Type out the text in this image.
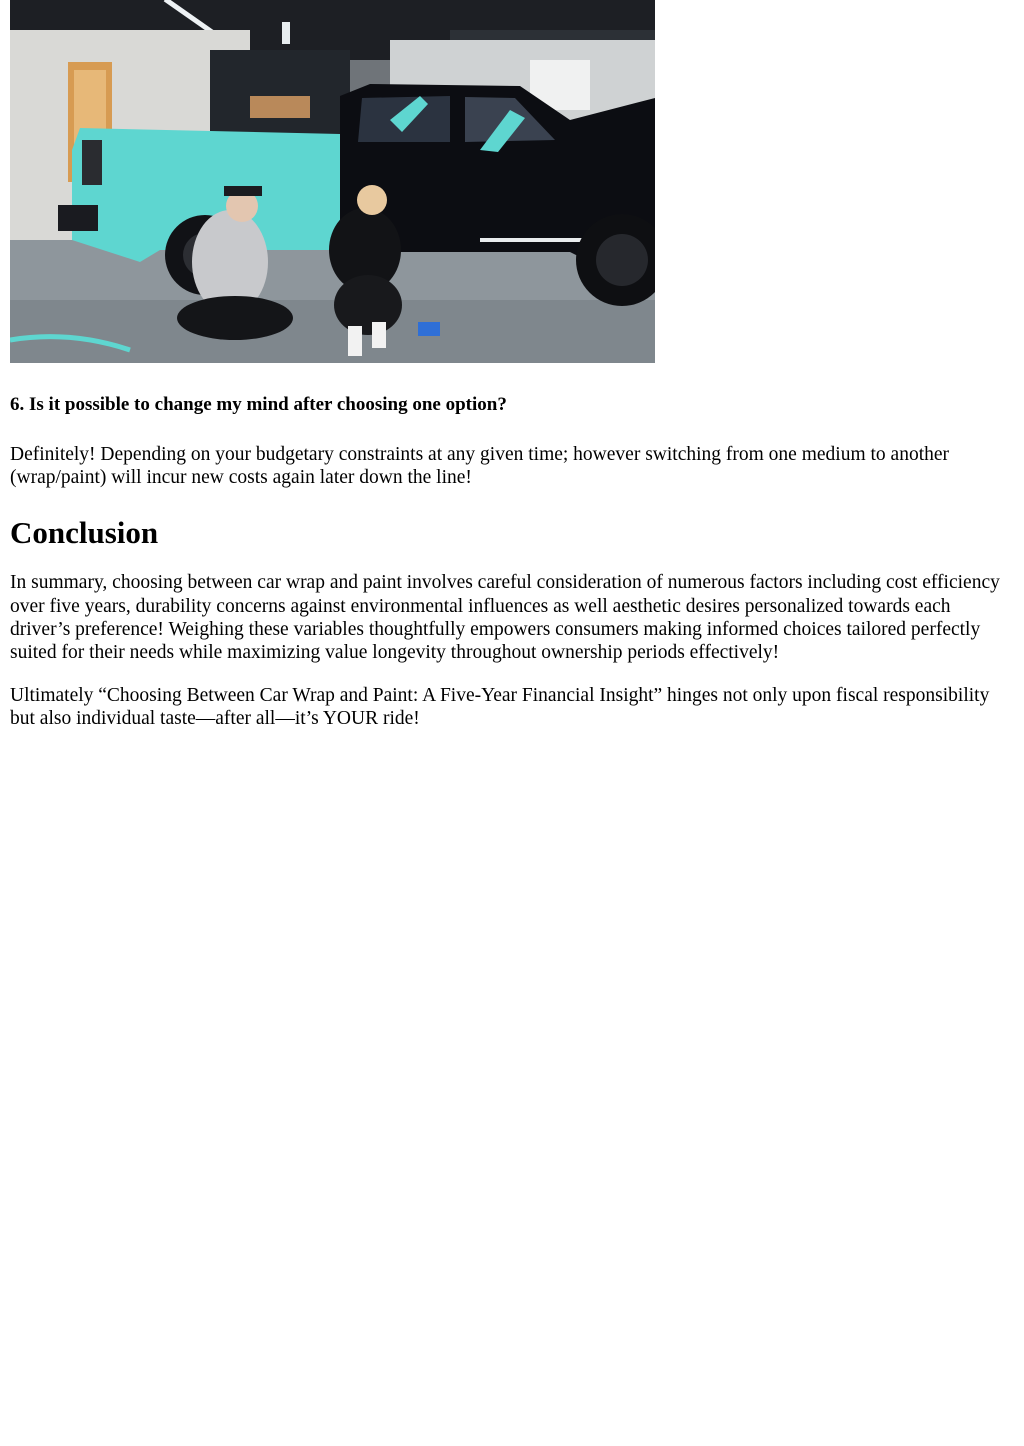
6. Is it possible to change my mind after choosing one option?

Definitely! Depending on your budgetary constraints at any given time; however switching from one medium to another (wrap/paint) will incur new costs again later down the line!

Conclusion

In summary, choosing between car wrap and paint involves careful consideration of numerous factors including cost efficiency over five years, durability concerns against environmental influences as well aesthetic desires personalized towards each driver’s preference! Weighing these variables thoughtfully empowers consumers making informed choices tailored perfectly suited for their needs while maximizing value longevity throughout ownership periods effectively!

Ultimately “Choosing Between Car Wrap and Paint: A Five-Year Financial Insight” hinges not only upon fiscal responsibility but also individual taste—after all—it’s YOUR ride!
